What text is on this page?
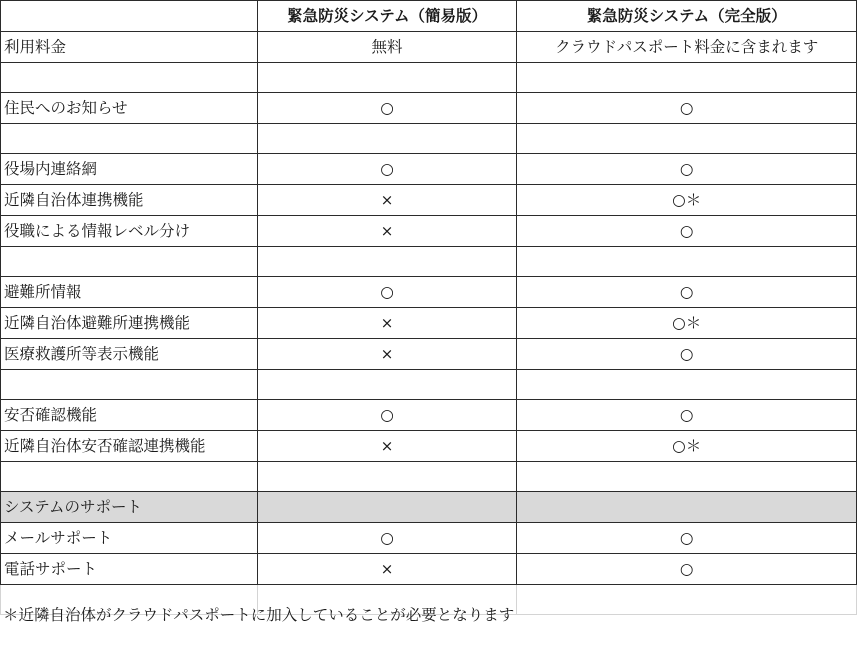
	緊急防災システム（簡易版）	緊急防災システム（完全版）
利用料金	無料	クラウドパスポート料金に含まれます

住民へのお知らせ	○	○

役場内連絡網	○	○
近隣自治体連携機能	×	○＊
役職による情報レベル分け	×	○

避難所情報	○	○
近隣自治体避難所連携機能	×	○＊
医療救護所等表示機能	×	○

安否確認機能	○	○
近隣自治体安否確認連携機能	×	○＊

システムのサポート		
メールサポート	○	○
電話サポート	×	○

＊近隣自治体がクラウドパスポートに加入していることが必要となります
